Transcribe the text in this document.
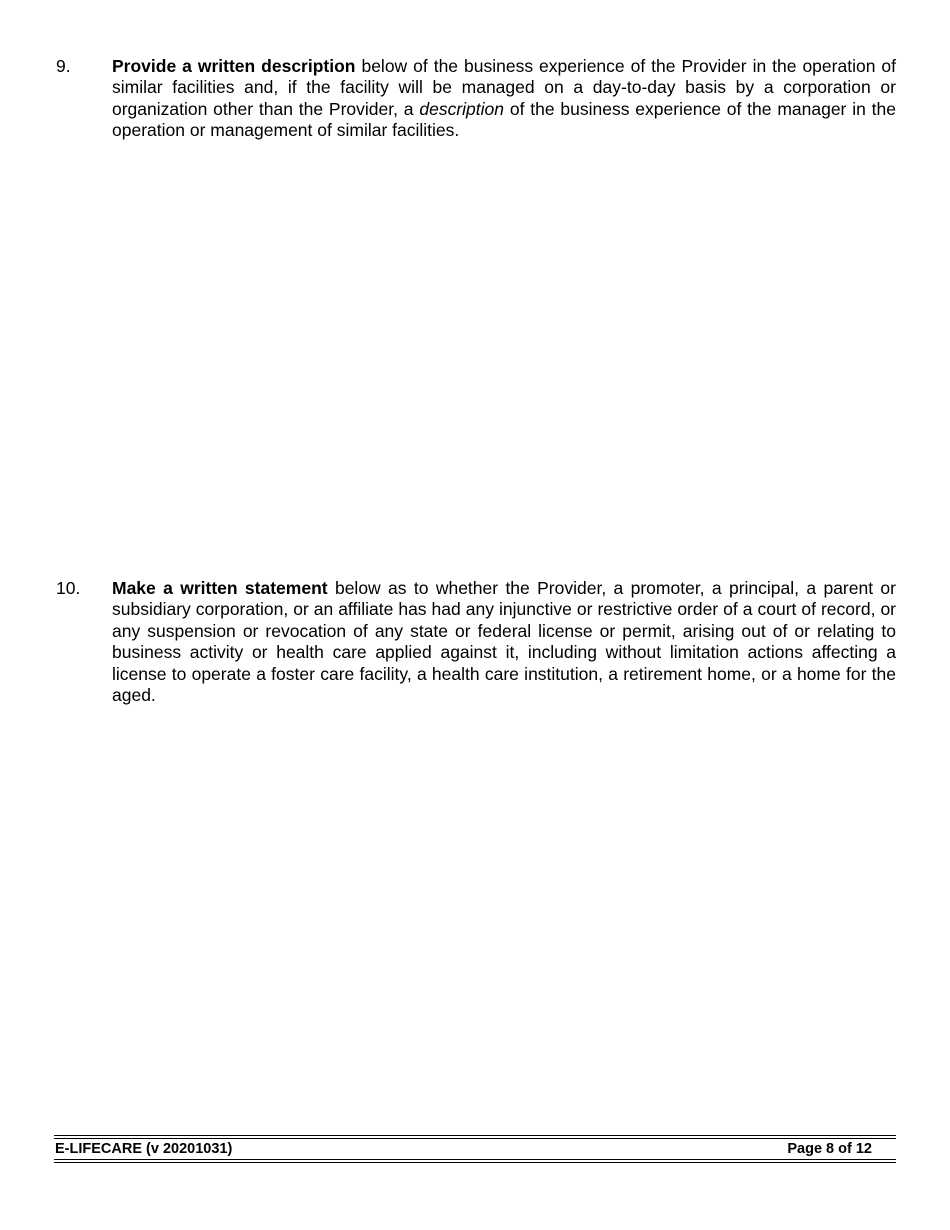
9. Provide a written description below of the business experience of the Provider in the operation of similar facilities and, if the facility will be managed on a day-to-day basis by a corporation or organization other than the Provider, a description of the business experience of the manager in the operation or management of similar facilities.
10. Make a written statement below as to whether the Provider, a promoter, a principal, a parent or subsidiary corporation, or an affiliate has had any injunctive or restrictive order of a court of record, or any suspension or revocation of any state or federal license or permit, arising out of or relating to business activity or health care applied against it, including without limitation actions affecting a license to operate a foster care facility, a health care institution, a retirement home, or a home for the aged.
E-LIFECARE (v 20201031)	Page 8 of 12
